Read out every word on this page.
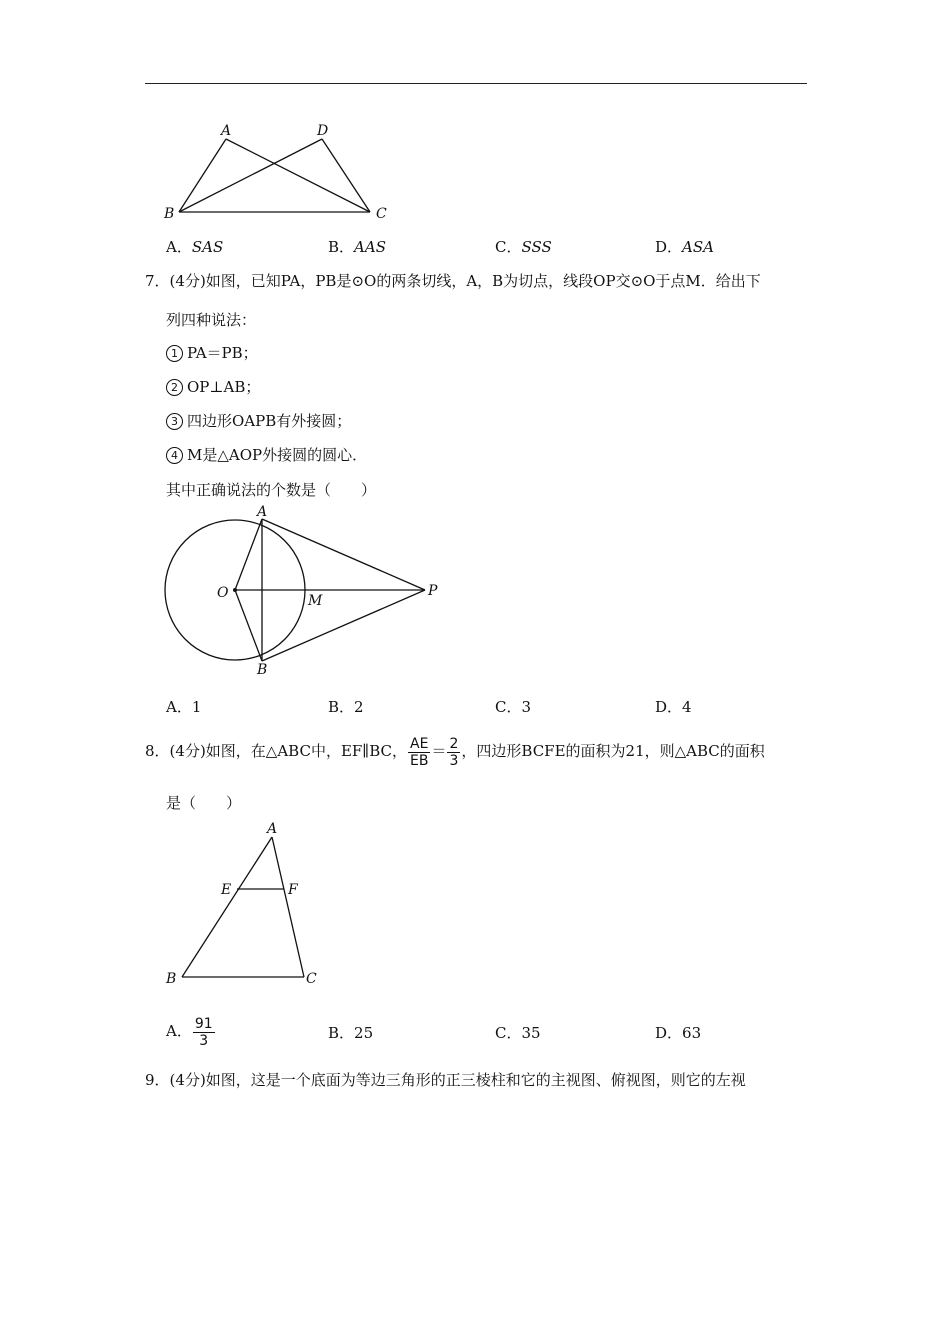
A	D
B	C
A．SAS	B．AAS	C．SSS	D．ASA
7．(4分)如图，已知PA，PB是⊙O的两条切线，A，B为切点，线段OP交⊙O于点M．给出下
列四种说法：
1 PA＝PB；
2 OP⊥AB；
3 四边形OAPB有外接圆；
4 M是△AOP外接圆的圆心．
其中正确说法的个数是（　　）
A
B
O	M
P
A．1	B．2	C．3	D．4
8．(4分)如图，在△ABC中，EF∥BC， $\frac{AE}{EB} = \frac{2}{3}$ ，四边形BCFE的面积为21，则△ABC的面积
是（　　）
A
E	F
B	C
A． $\frac{91}{3}$	B．25	C．35	D．63
9．(4分)如图，这是一个底面为等边三角形的正三棱柱和它的主视图、俯视图，则它的左视
